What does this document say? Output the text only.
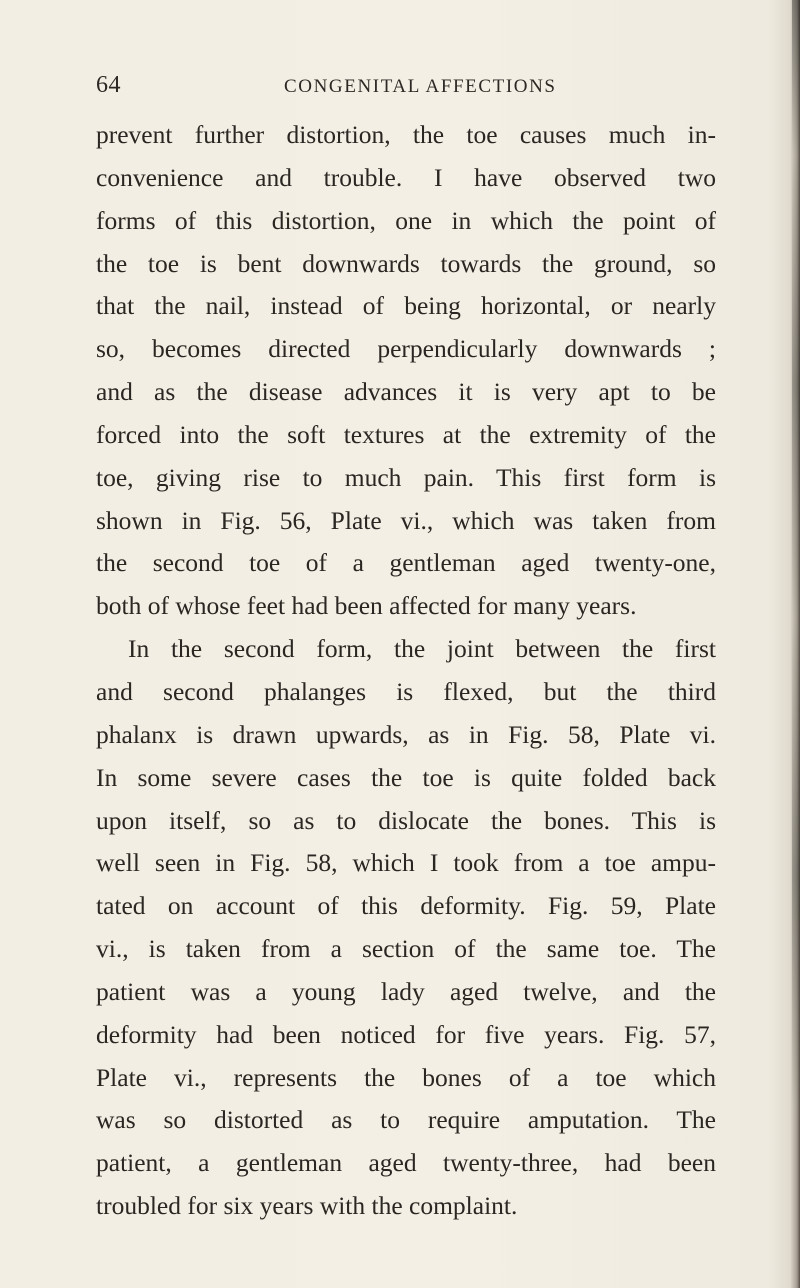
64	CONGENITAL AFFECTIONS
prevent further distortion, the toe causes much in-
convenience and trouble. I have observed two
forms of this distortion, one in which the point of
the toe is bent downwards towards the ground, so
that the nail, instead of being horizontal, or nearly
so, becomes directed perpendicularly downwards ;
and as the disease advances it is very apt to be
forced into the soft textures at the extremity of the
toe, giving rise to much pain. This first form is
shown in Fig. 56, Plate vi., which was taken from
the second toe of a gentleman aged twenty-one,
both of whose feet had been affected for many years.
In the second form, the joint between the first
and second phalanges is flexed, but the third
phalanx is drawn upwards, as in Fig. 58, Plate vi.
In some severe cases the toe is quite folded back
upon itself, so as to dislocate the bones. This is
well seen in Fig. 58, which I took from a toe ampu-
tated on account of this deformity. Fig. 59, Plate
vi., is taken from a section of the same toe. The
patient was a young lady aged twelve, and the
deformity had been noticed for five years. Fig. 57,
Plate vi., represents the bones of a toe which
was so distorted as to require amputation. The
patient, a gentleman aged twenty-three, had been
troubled for six years with the complaint.
